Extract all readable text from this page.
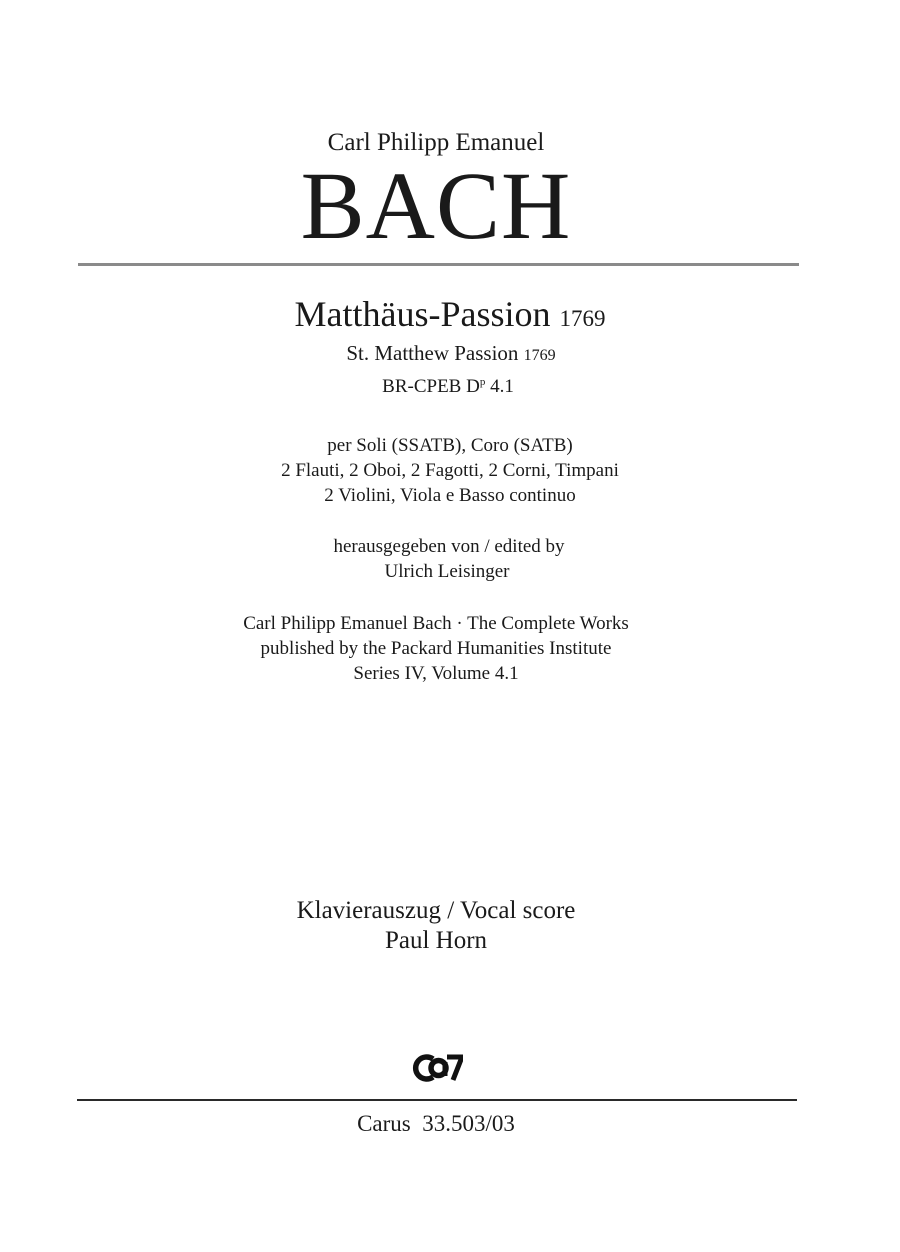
Carl Philipp Emanuel
BACH
Matthäus-Passion 1769
St. Matthew Passion 1769
BR-CPEB $D^p$ 4.1
per Soli (SSATB), Coro (SATB)
2 Flauti, 2 Oboi, 2 Fagotti, 2 Corni, Timpani
2 Violini, Viola e Basso continuo
herausgegeben von / edited by
Ulrich Leisinger
Carl Philipp Emanuel Bach · The Complete Works
published by the Packard Humanities Institute
Series IV, Volume 4.1
Klavierauszug / Vocal score
Paul Horn
Carus  33.503/03
